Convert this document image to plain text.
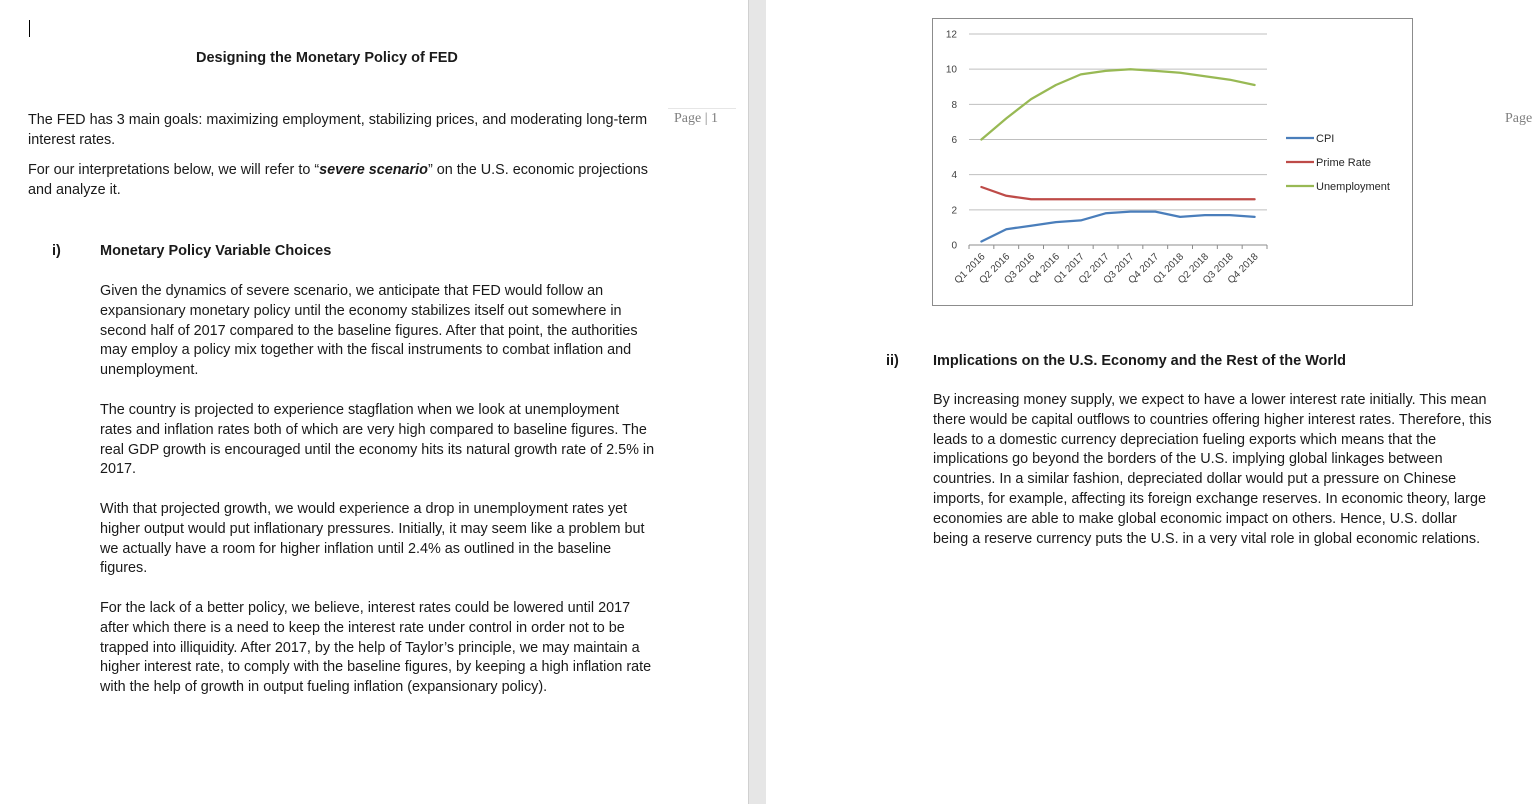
Designing the Monetary Policy of FED

The FED has 3 main goals: maximizing employment, stabilizing prices, and moderating long-term interest rates.

For our interpretations below, we will refer to “severe scenario” on the U.S. economic projections and analyze it.

Page | 1
i)	Monetary Policy Variable Choices

Given the dynamics of severe scenario, we anticipate that FED would follow an expansionary monetary policy until the economy stabilizes itself out somewhere in second half of 2017 compared to the baseline figures. After that point, the authorities may employ a policy mix together with the fiscal instruments to combat inflation and unemployment.

The country is projected to experience stagflation when we look at unemployment rates and inflation rates both of which are very high compared to baseline figures. The real GDP growth is encouraged until the economy hits its natural growth rate of 2.5% in 2017.

With that projected growth, we would experience a drop in unemployment rates yet higher output would put inflationary pressures. Initially, it may seem like a problem but we actually have a room for higher inflation until 2.4% as outlined in the baseline figures.

For the lack of a better policy, we believe, interest rates could be lowered until 2017 after which there is a need to keep the interest rate under control in order not to be trapped into illiquidity. After 2017, by the help of Taylor’s principle, we may maintain a higher interest rate, to comply with the baseline figures, by keeping a high inflation rate with the help of growth in output fueling inflation (expansionary policy).

0
2
4
6
8
10
12
Q1 2016
Q2 2016
Q3 2016
Q4 2016
Q1 2017
Q2 2017
Q3 2017
Q4 2017
Q1 2018
Q2 2018
Q3 2018
Q4 2018
CPI
Prime Rate
Unemployment
Page
ii) Implications on the U.S. Economy and the Rest of the World

By increasing money supply, we expect to have a lower interest rate initially. This mean there would be capital outflows to countries offering higher interest rates. Therefore, this leads to a domestic currency depreciation fueling exports which means that the implications go beyond the borders of the U.S. implying global linkages between countries. In a similar fashion, depreciated dollar would put a pressure on Chinese imports, for example, affecting its foreign exchange reserves. In economic theory, large economies are able to make global economic impact on others. Hence, U.S. dollar being a reserve currency puts the U.S. in a very vital role in global economic relations.
